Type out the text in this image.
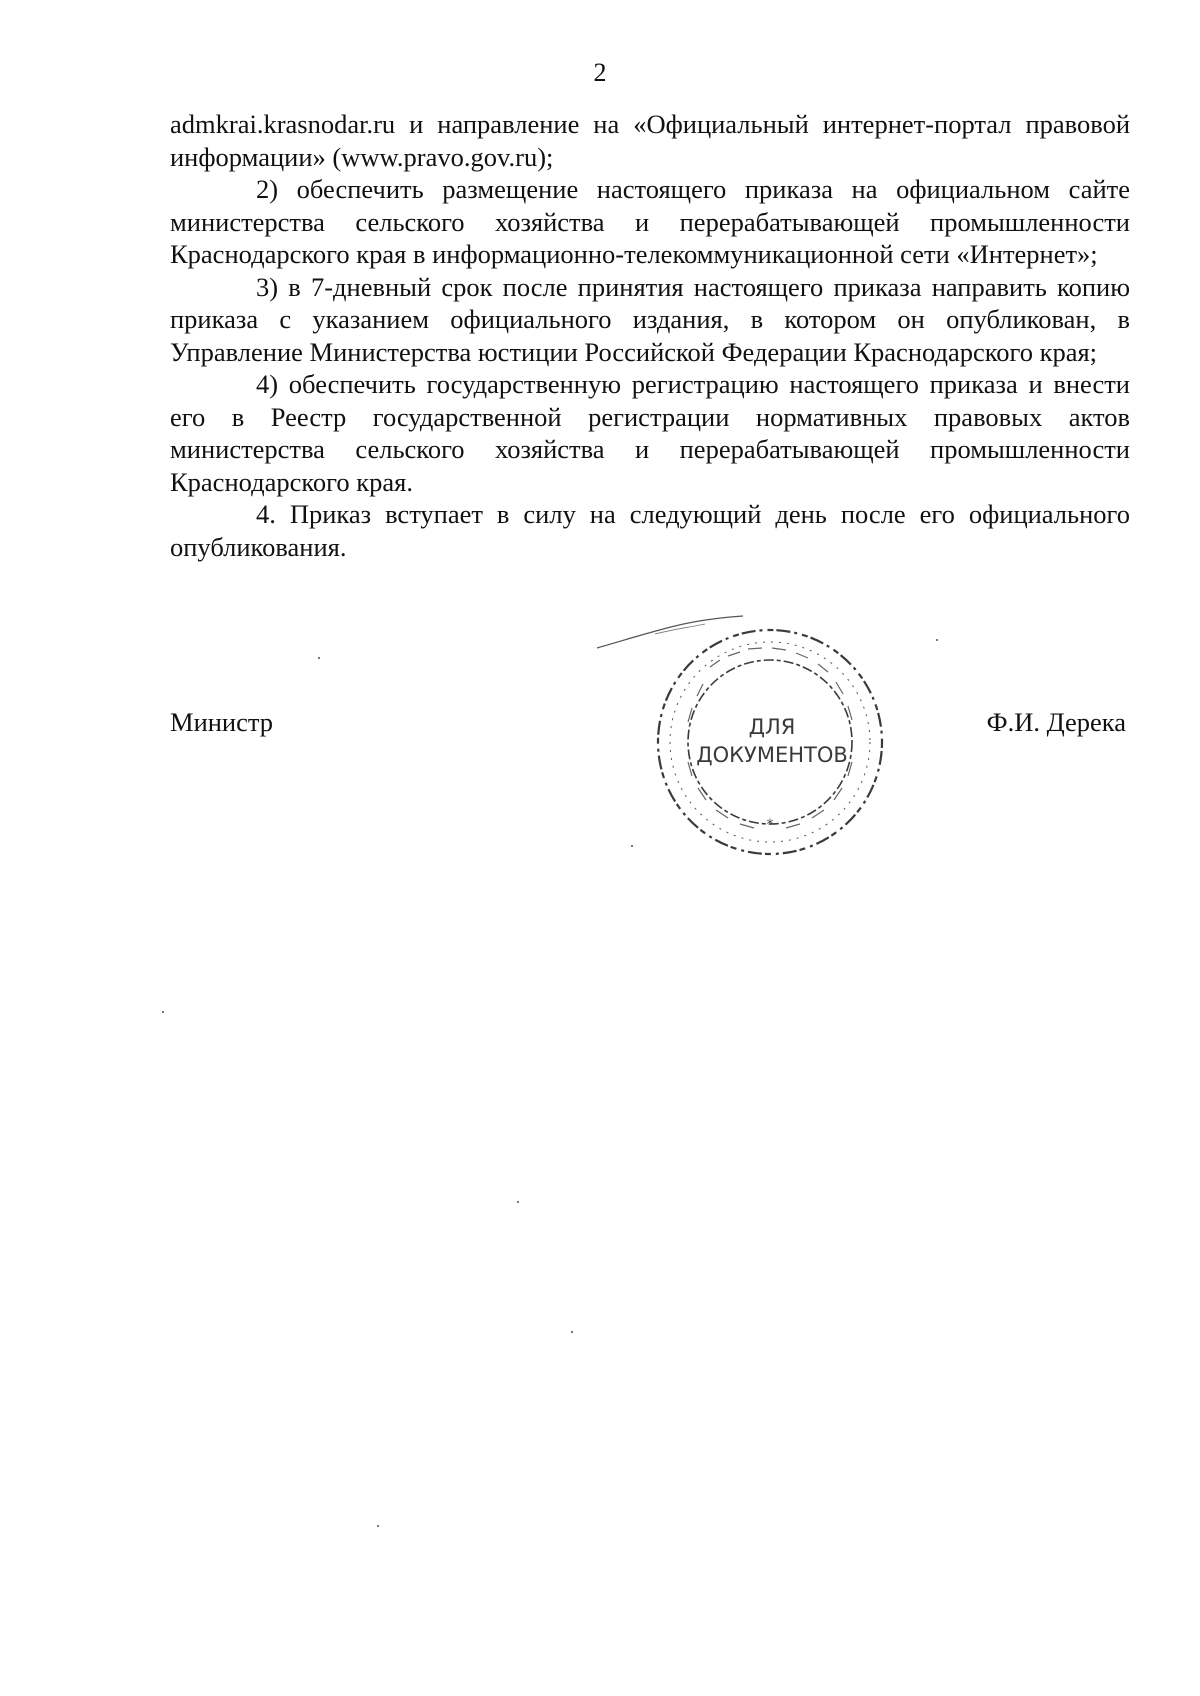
2

admkrai.krasnodar.ru и направление на «Официальный интернет-портал правовой информации» (www.pravo.gov.ru);

2) обеспечить размещение настоящего приказа на официальном сайте министерства сельского хозяйства и перерабатывающей промышленности Краснодарского края в информационно-телекоммуникационной сети «Интернет»;

3) в 7-дневный срок после принятия настоящего приказа направить копию приказа с указанием официального издания, в котором он опубликован, в Управление Министерства юстиции Российской Федерации Краснодарского края;

4) обеспечить государственную регистрацию настоящего приказа и внести его в Реестр государственной регистрации нормативных правовых актов министерства сельского хозяйства и перерабатывающей промышленности Краснодарского края.

4. Приказ вступает в силу на следующий день после его официального опубликования.

Министр	Ф.И. Дерека
*
ДЛЯ
ДОКУМЕНТОВ
